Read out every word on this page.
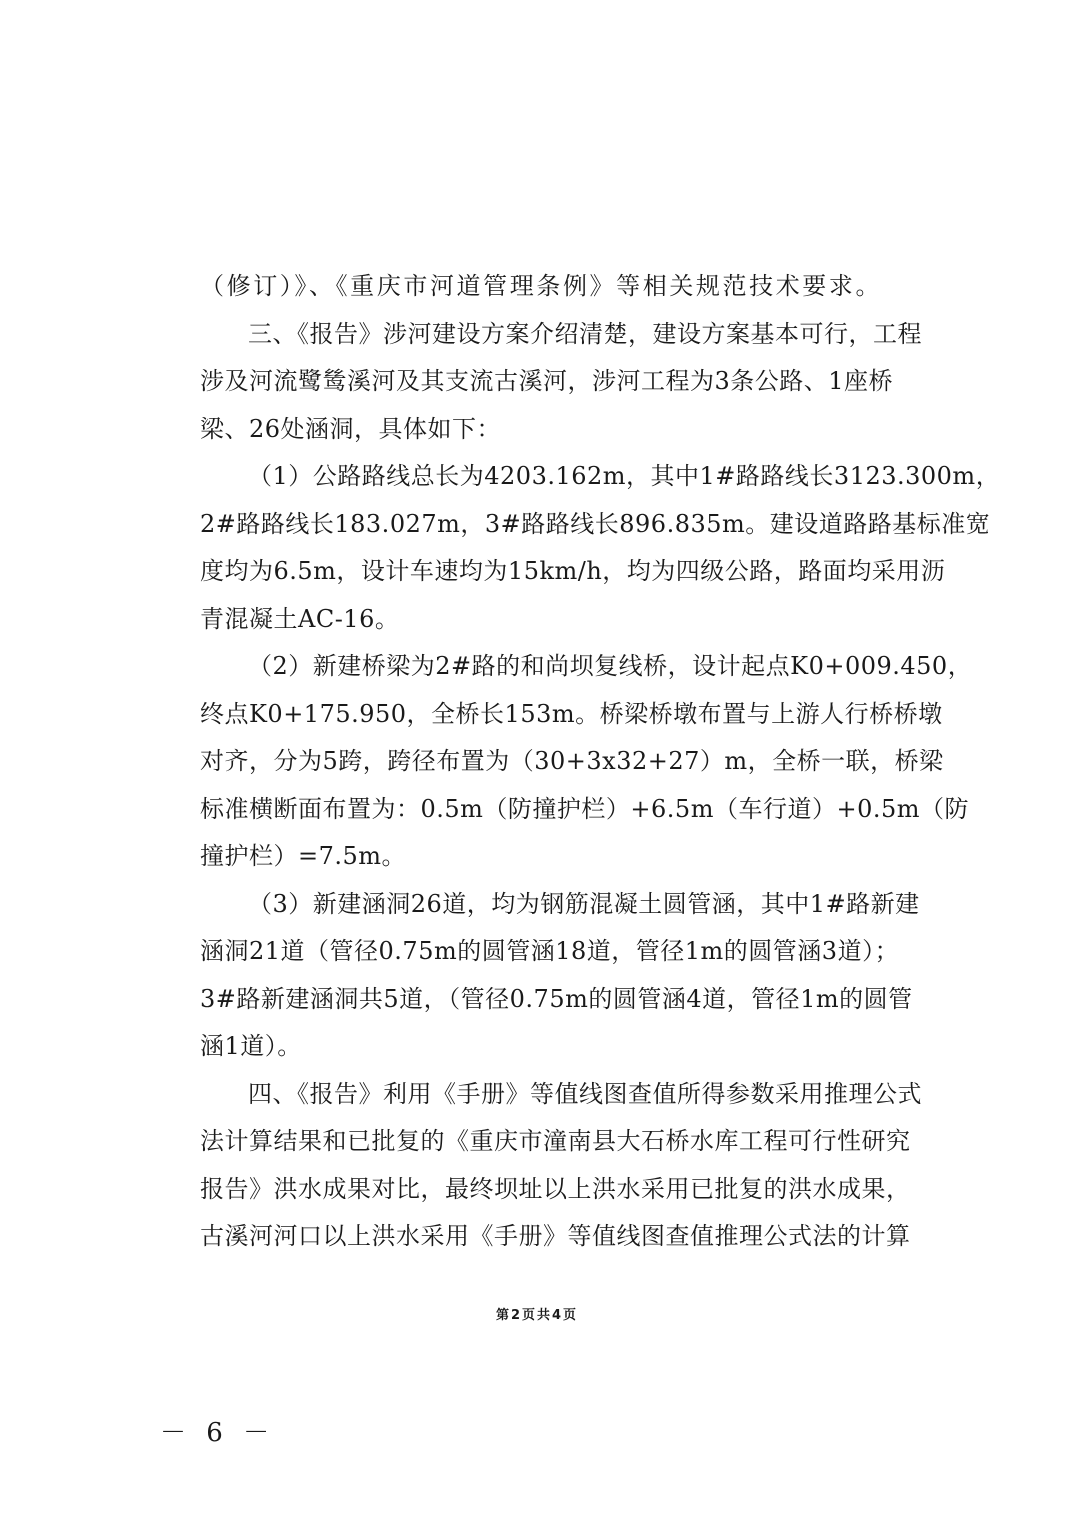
（修订）》、《重庆市河道管理条例》等相关规范技术要求。
三、《报告》涉河建设方案介绍清楚，建设方案基本可行，工程
涉及河流鹭鸶溪河及其支流古溪河，涉河工程为3条公路、1座桥
梁、26处涵洞，具体如下：
（1）公路路线总长为4203.162m，其中1#路路线长3123.300m，
2#路路线长183.027m，3#路路线长896.835m。建设道路路基标准宽
度均为6.5m，设计车速均为15km/h，均为四级公路，路面均采用沥
青混凝土AC-16。
（2）新建桥梁为2#路的和尚坝复线桥，设计起点K0+009.450，
终点K0+175.950，全桥长153m。桥梁桥墩布置与上游人行桥桥墩
对齐，分为5跨，跨径布置为（30+3x32+27）m，全桥一联，桥梁
标准横断面布置为：0.5m（防撞护栏）+6.5m（车行道）+0.5m（防
撞护栏）=7.5m。
（3）新建涵洞26道，均为钢筋混凝土圆管涵，其中1#路新建
涵洞21道（管径0.75m的圆管涵18道，管径1m的圆管涵3道）；
3#路新建涵洞共5道，（管径0.75m的圆管涵4道，管径1m的圆管
涵1道）。
四、《报告》利用《手册》等值线图查值所得参数采用推理公式
法计算结果和已批复的《重庆市潼南县大石桥水库工程可行性研究
报告》洪水成果对比，最终坝址以上洪水采用已批复的洪水成果，
古溪河河口以上洪水采用《手册》等值线图查值推理公式法的计算
第2页共4页
－ 6 －
